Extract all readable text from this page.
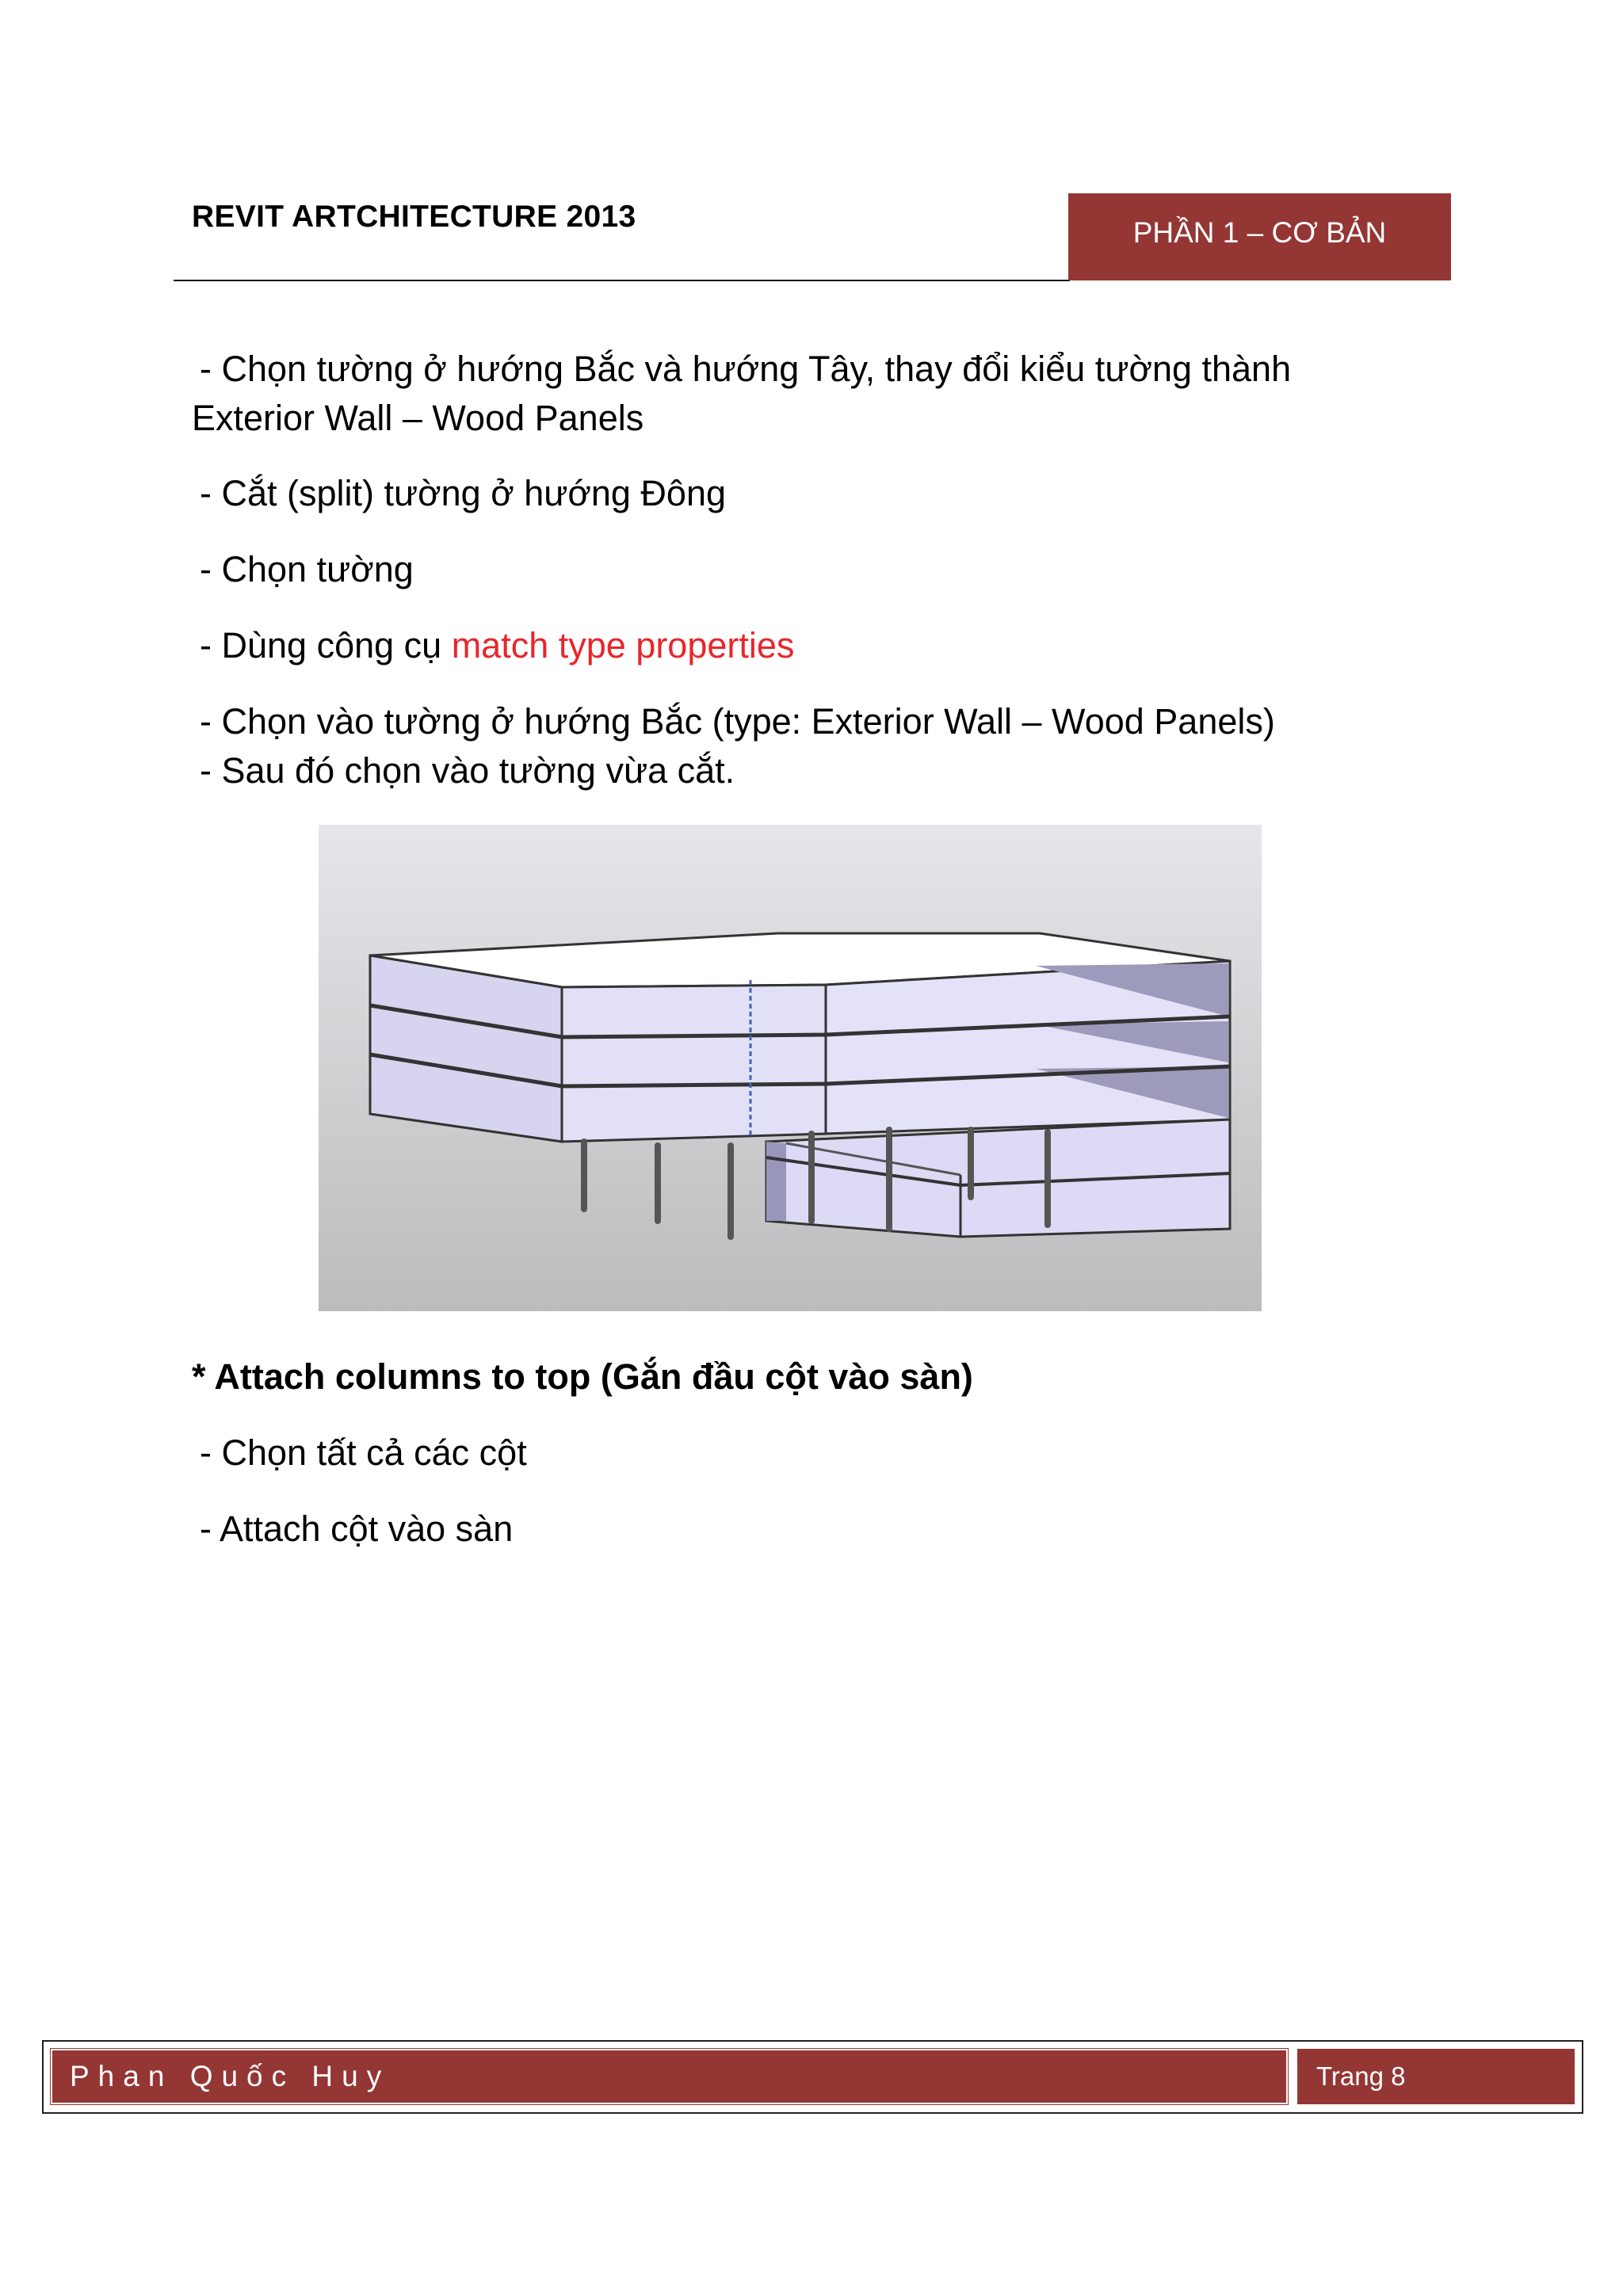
REVIT ARTCHITECTURE 2013	PHẦN 1 – CƠ BẢN
- Chọn tường ở hướng Bắc và hướng Tây, thay đổi kiểu tường thành
Exterior Wall – Wood Panels
- Cắt (split) tường ở hướng Đông
- Chọn tường
- Dùng công cụ match type properties
- Chọn vào tường ở hướng Bắc (type: Exterior Wall – Wood Panels)
- Sau đó chọn vào tường vừa cắt.
* Attach columns to top (Gắn đầu cột vào sàn)
- Chọn tất cả các cột
- Attach cột vào sàn
Phan Quốc Huy	Trang 8
